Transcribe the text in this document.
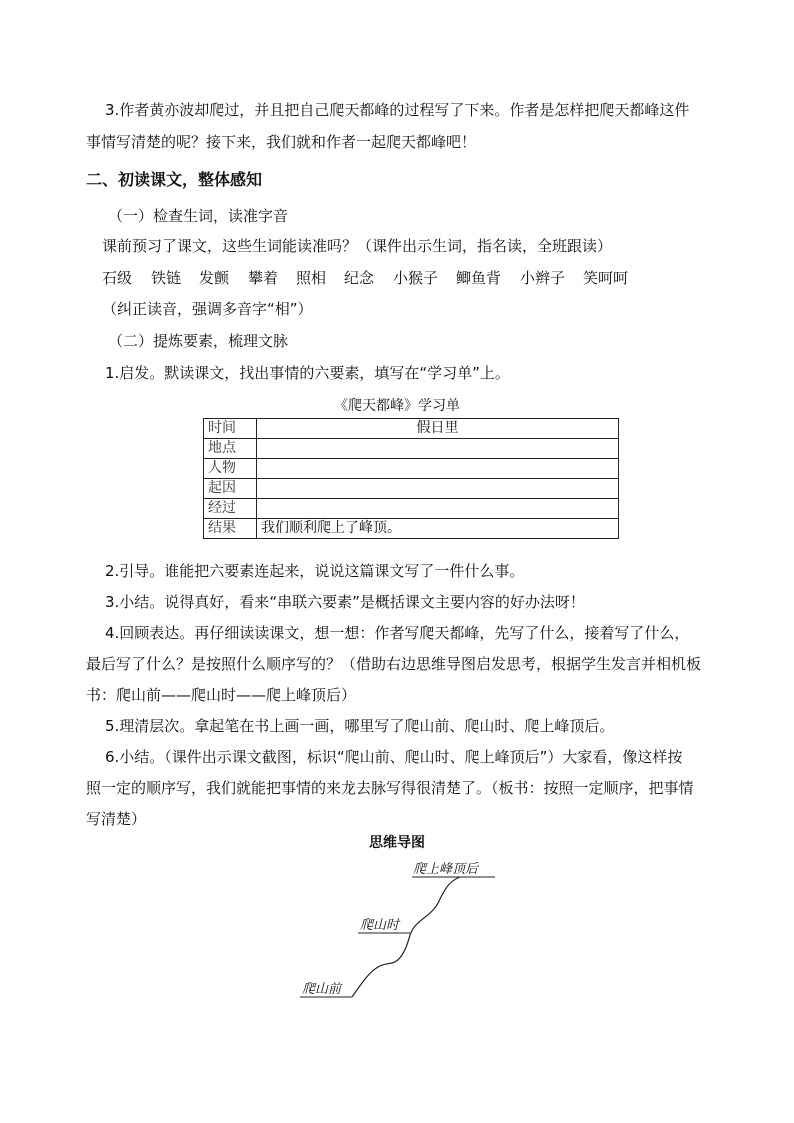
3.作者黄亦波却爬过，并且把自己爬天都峰的过程写了下来。作者是怎样把爬天都峰这件
事情写清楚的呢？接下来，我们就和作者一起爬天都峰吧！
二、初读课文，整体感知
（一）检查生词，读准字音
课前预习了课文，这些生词能读准吗？（课件出示生词，指名读，全班跟读）
石级	铁链	发颤	攀着	照相	纪念	小猴子	鲫鱼背	小辫子	笑呵呵
（纠正读音，强调多音字“相”）
（二）提炼要素，梳理文脉
1.启发。默读课文，找出事情的六要素，填写在“学习单”上。
《爬天都峰》学习单
时间	假日里
地点	
人物	
起因	
经过	
结果	我们顺利爬上了峰顶。
2.引导。谁能把六要素连起来，说说这篇课文写了一件什么事。
3.小结。说得真好，看来“串联六要素”是概括课文主要内容的好办法呀！
4.回顾表达。再仔细读读课文，想一想：作者写爬天都峰，先写了什么，接着写了什么，
最后写了什么？是按照什么顺序写的？（借助右边思维导图启发思考，根据学生发言并相机板
书：爬山前——爬山时——爬上峰顶后）
5.理清层次。拿起笔在书上画一画，哪里写了爬山前、爬山时、爬上峰顶后。
6.小结。（课件出示课文截图，标识“爬山前、爬山时、爬上峰顶后”）大家看，像这样按
照一定的顺序写，我们就能把事情的来龙去脉写得很清楚了。（板书：按照一定顺序，把事情
写清楚）
思维导图
爬上峰顶后
爬山时
爬山前
